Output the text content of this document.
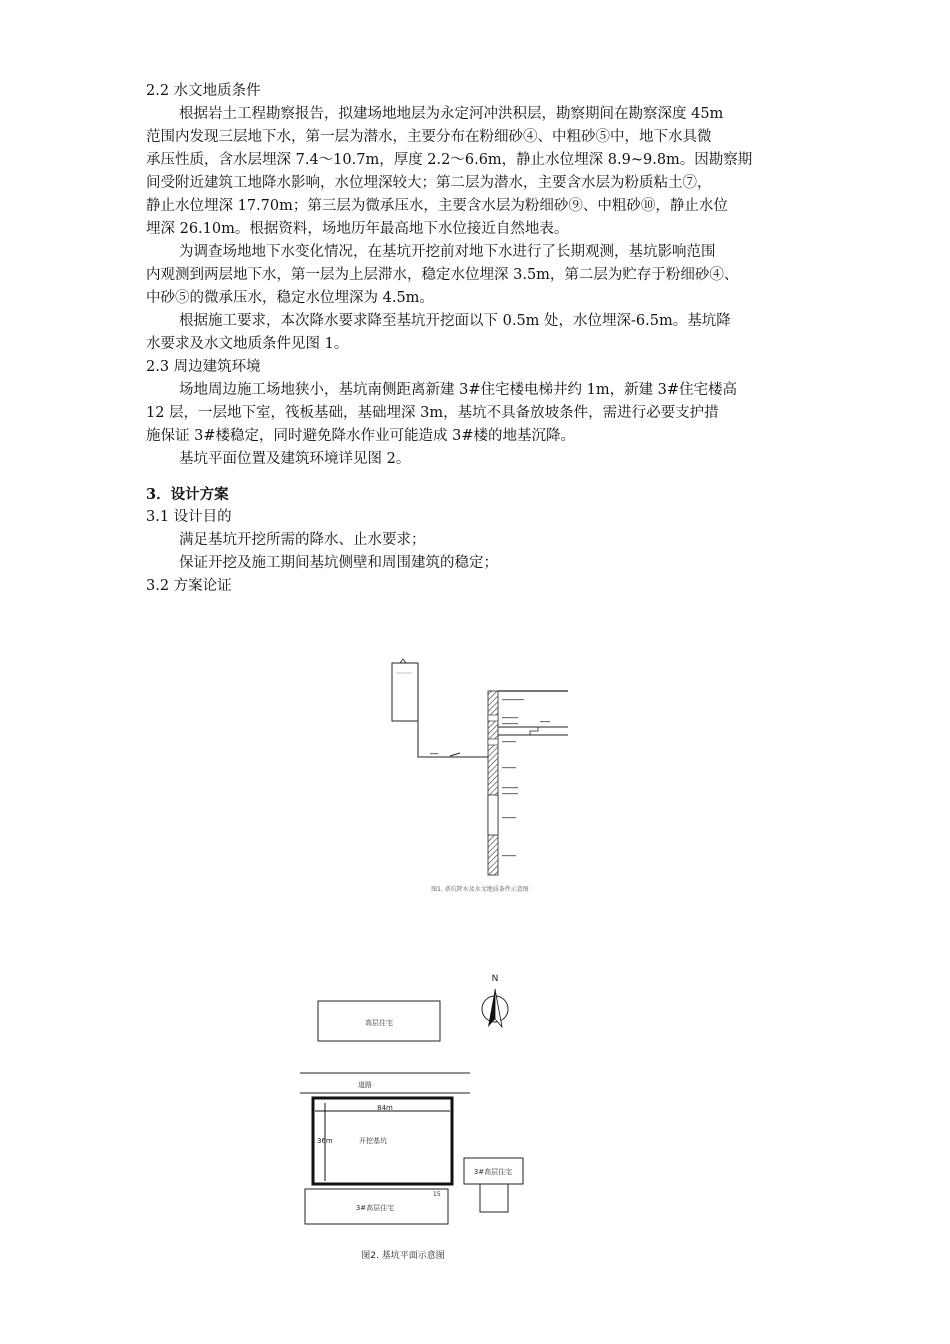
2.2 水文地质条件
根据岩土工程勘察报告，拟建场地地层为永定河冲洪积层，勘察期间在勘察深度 45m
范围内发现三层地下水，第一层为潜水，主要分布在粉细砂④、中粗砂⑤中，地下水具微
承压性质，含水层埋深 7.4～10.7m，厚度 2.2～6.6m，静止水位埋深 8.9~9.8m。因勘察期
间受附近建筑工地降水影响，水位埋深较大；第二层为潜水，主要含水层为粉质粘土⑦，
静止水位埋深 17.70m；第三层为微承压水，主要含水层为粉细砂⑨、中粗砂⑩，静止水位
埋深 26.10m。根据资料，场地历年最高地下水位接近自然地表。
为调查场地地下水变化情况，在基坑开挖前对地下水进行了长期观测，基坑影响范围
内观测到两层地下水，第一层为上层滞水，稳定水位埋深 3.5m，第二层为贮存于粉细砂④、
中砂⑤的微承压水，稳定水位埋深为 4.5m。
根据施工要求，本次降水要求降至基坑开挖面以下 0.5m 处，水位埋深-6.5m。基坑降
水要求及水文地质条件见图 1。
2.3 周边建筑环境
场地周边施工场地狭小，基坑南侧距离新建 3#住宅楼电梯井约 1m，新建 3#住宅楼高
12 层，一层地下室，筏板基础，基础埋深 3m，基坑不具备放坡条件，需进行必要支护措
施保证 3#楼稳定，同时避免降水作业可能造成 3#楼的地基沉降。
基坑平面位置及建筑环境详见图 2。
3．设计方案
3.1 设计目的
满足基坑开挖所需的降水、止水要求；
保证开挖及施工期间基坑侧壁和周围建筑的稳定；
3.2 方案论证
图1. 基坑降水及水文地质条件示意图
N
高层住宅
道路
84m
36m	开挖基坑
3#高层住宅
3#高层住宅
15
图2. 基坑平面示意图
